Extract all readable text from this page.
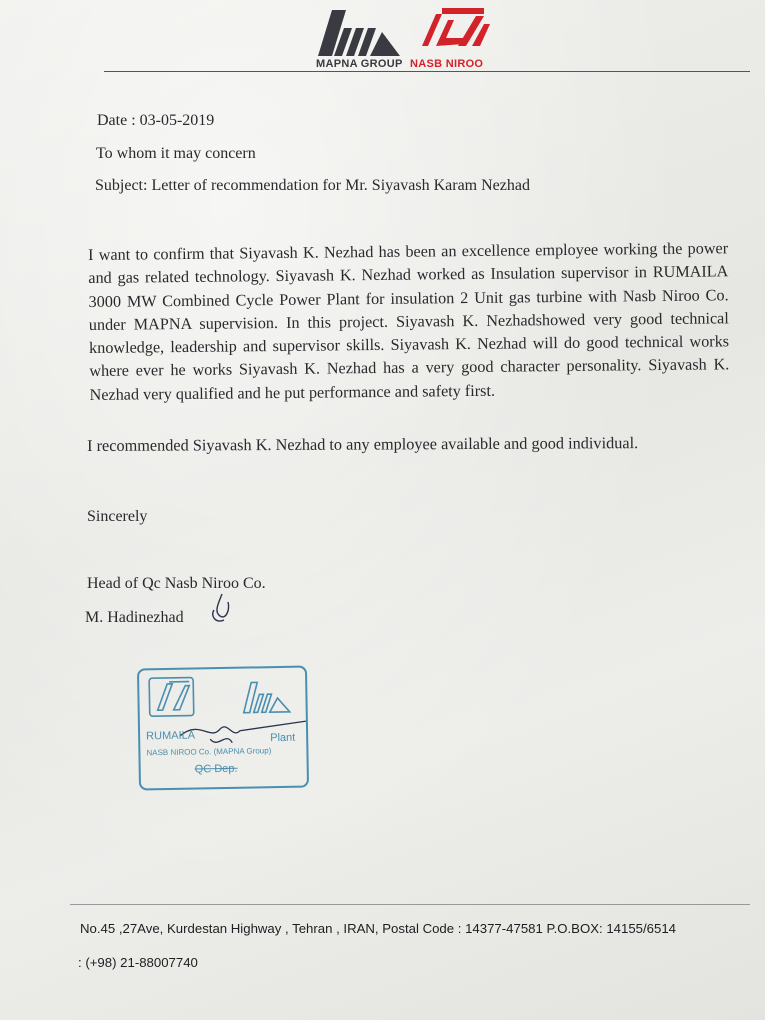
MAPNA GROUP NASB NIROO
Date : 03-05-2019
To whom it may concern
Subject: Letter of recommendation for Mr. Siyavash Karam Nezhad
I want to confirm that Siyavash K. Nezhad has been an excellence employee working the power and gas related technology. Siyavash K. Nezhad worked as Insulation supervisor in RUMAILA 3000 MW Combined Cycle Power Plant for insulation 2 Unit gas turbine with Nasb Niroo Co. under MAPNA supervision. In this project. Siyavash K. Nezhadshowed very good technical knowledge, leadership and supervisor skills. Siyavash K. Nezhad will do good technical works where ever he works Siyavash K. Nezhad has a very good character personality. Siyavash K. Nezhad very qualified and he put performance and safety first.
I recommended Siyavash K. Nezhad to any employee available and good individual.
Sincerely
Head of Qc Nasb Niroo Co.
M. Hadinezhad
RUMAILA	Plant
NASB NIROO Co. (MAPNA Group)
QC Dep.
No.45 ,27Ave, Kurdestan Highway , Tehran , IRAN, Postal Code : 14377-47581 P.O.BOX: 14155/6514
: (+98) 21-88007740
